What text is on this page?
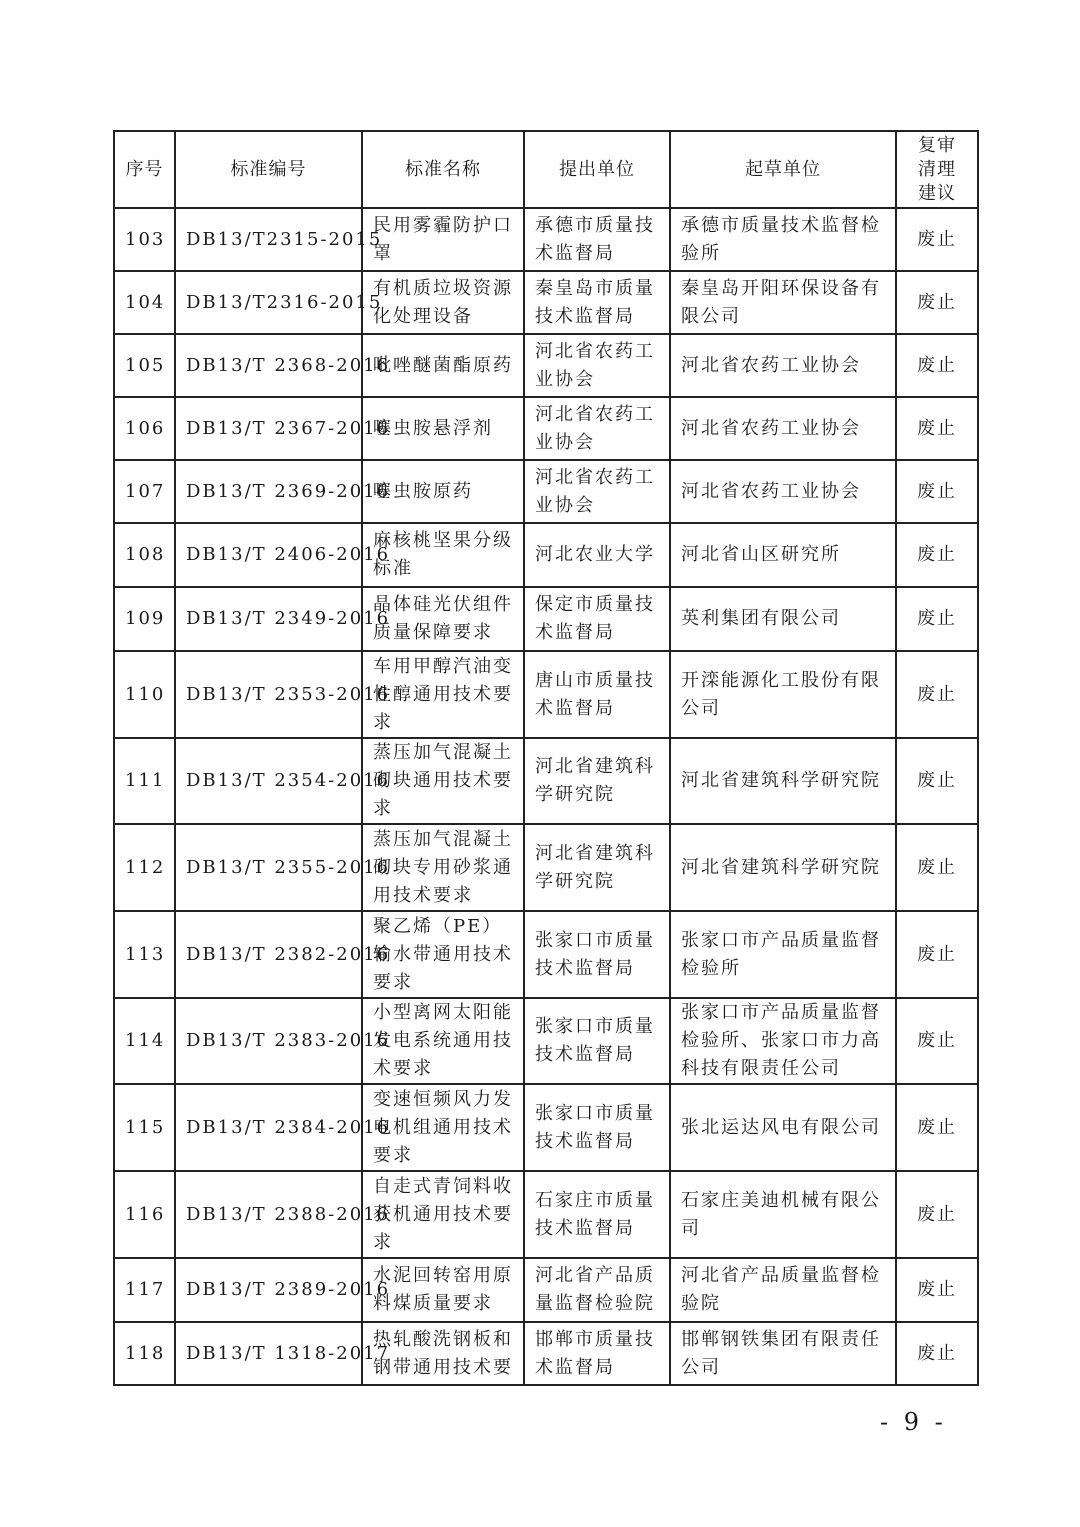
序号	标准编号	标准名称	提出单位	起草单位	复审
清理
建议

103	DB13/T2315-2015	民用雾霾防护口罩	承德市质量技术监督局	承德市质量技术监督检验所	废止
104	DB13/T2316-2015	有机质垃圾资源化处理设备	秦皇岛市质量技术监督局	秦皇岛开阳环保设备有限公司	废止
105	DB13/T 2368-2016	吡唑醚菌酯原药	河北省农药工业协会	河北省农药工业协会	废止
106	DB13/T 2367-2016	噻虫胺悬浮剂	河北省农药工业协会	河北省农药工业协会	废止
107	DB13/T 2369-2016	噻虫胺原药	河北省农药工业协会	河北省农药工业协会	废止
108	DB13/T 2406-2016	麻核桃坚果分级标准	河北农业大学	河北省山区研究所	废止
109	DB13/T 2349-2016	晶体硅光伏组件质量保障要求	保定市质量技术监督局	英利集团有限公司	废止
110	DB13/T 2353-2016	车用甲醇汽油变性醇通用技术要求	唐山市质量技术监督局	开滦能源化工股份有限公司	废止
111	DB13/T 2354-2016	蒸压加气混凝土砌块通用技术要求	河北省建筑科学研究院	河北省建筑科学研究院	废止
112	DB13/T 2355-2016	蒸压加气混凝土砌块专用砂浆通用技术要求	河北省建筑科学研究院	河北省建筑科学研究院	废止
113	DB13/T 2382-2016	聚乙烯（PE）输水带通用技术要求	张家口市质量技术监督局	张家口市产品质量监督检验所	废止
114	DB13/T 2383-2016	小型离网太阳能发电系统通用技术要求	张家口市质量技术监督局	张家口市产品质量监督检验所、张家口市力高科技有限责任公司	废止
115	DB13/T 2384-2016	变速恒频风力发电机组通用技术要求	张家口市质量技术监督局	张北运达风电有限公司	废止
116	DB13/T 2388-2016	自走式青饲料收获机通用技术要求	石家庄市质量技术监督局	石家庄美迪机械有限公司	废止
117	DB13/T 2389-2016	水泥回转窑用原料煤质量要求	河北省产品质量监督检验院	河北省产品质量监督检验院	废止
118	DB13/T 1318-2017	热轧酸洗钢板和钢带通用技术要	邯郸市质量技术监督局	邯郸钢铁集团有限责任公司	废止
- 9 -
